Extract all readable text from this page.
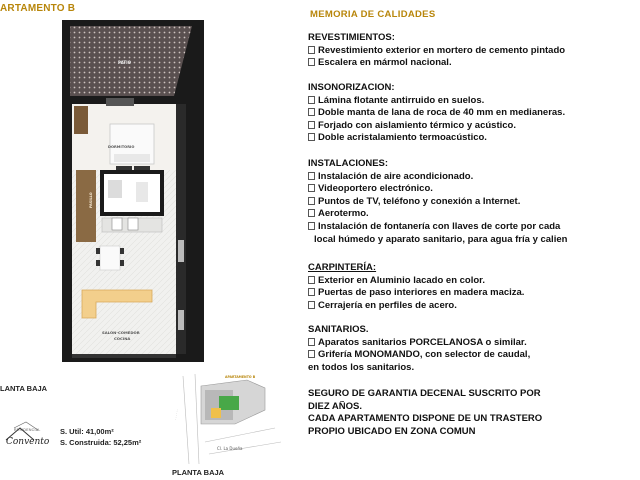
ARTAMENTO B
PATIO
DORMITORIO
PASILLO
SALON-COMEDOR
COCINA
LANTA BAJA
RESIDENCIAL
Convento
S. Util: 41,00m²
S. Construida: 52,25m²
APARTAMENTO B
Cl. La Dueña
· · · · · ·
PLANTA BAJA
MEMORIA DE CALIDADES
REVESTIMIENTOS:
Revestimiento exterior en mortero de cemento pintado
Escalera en mármol nacional.
INSONORIZACION:
Lámina flotante antirruido en suelos.
Doble manta de lana de roca de 40 mm en medianeras.
Forjado con aislamiento térmico y acústico.
Doble acristalamiento termoacústico.
INSTALACIONES:
Instalación de aire acondicionado.
Videoportero electrónico.
Puntos de TV, teléfono y conexión a Internet.
Aerotermo.
Instalación de fontanería con llaves de corte por cada
local húmedo y aparato sanitario, para agua fría y calien
CARPINTERÍA:
Exterior en Aluminio lacado en color.
Puertas de paso interiores en madera maciza.
Cerrajería en perfiles de acero.
SANITARIOS.
Aparatos sanitarios PORCELANOSA o similar.
Grifería MONOMANDO, con selector de caudal,
en todos los sanitarios.
SEGURO DE GARANTIA DECENAL SUSCRITO POR
DIEZ AÑOS.
CADA APARTAMENTO DISPONE DE UN TRASTERO
PROPIO UBICADO EN ZONA COMUN
